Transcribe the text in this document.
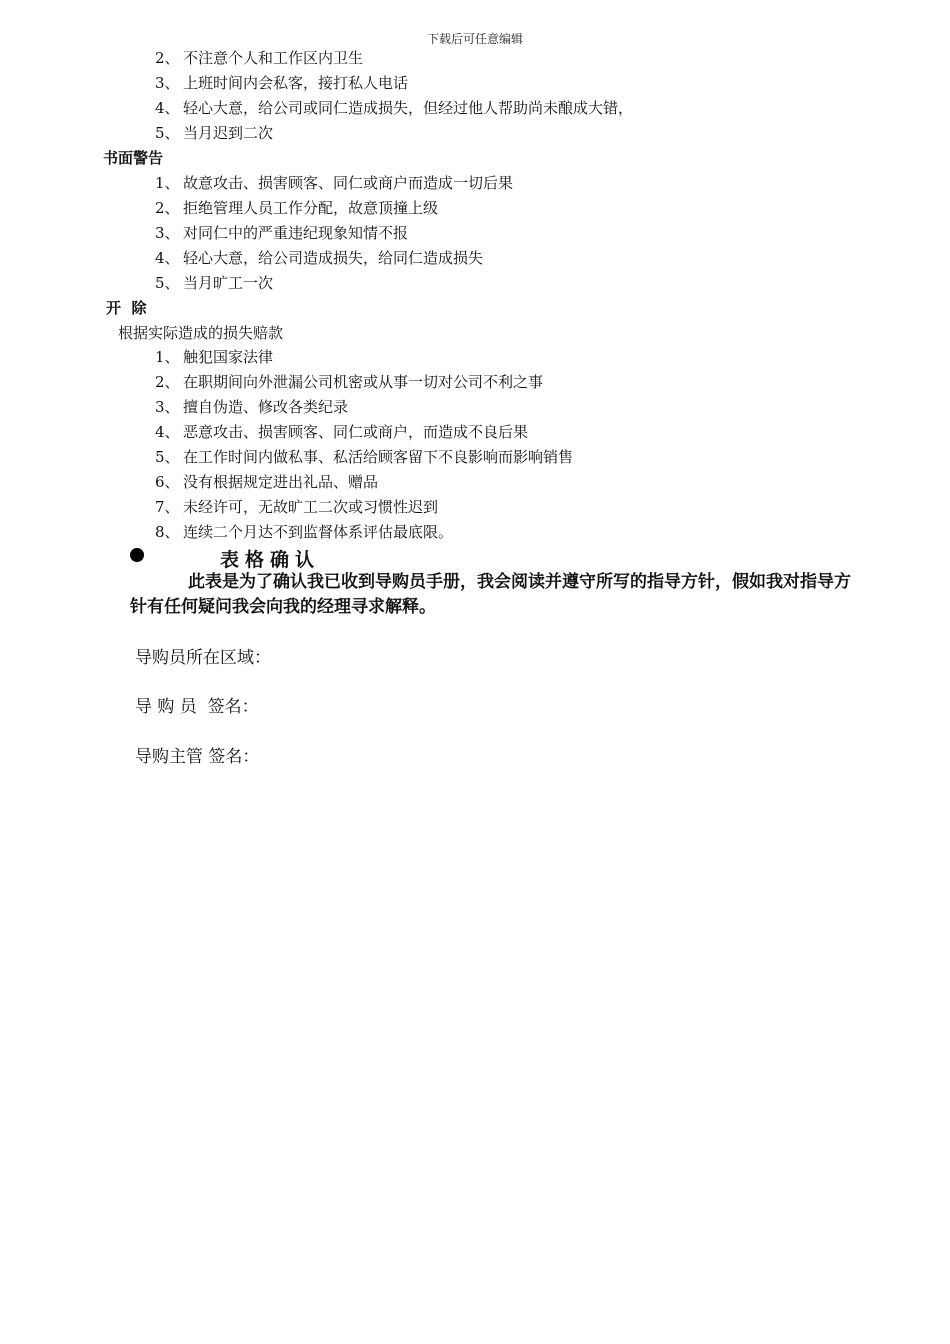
下载后可任意编辑
2、 不注意个人和工作区内卫生
3、 上班时间内会私客，接打私人电话
4、 轻心大意，给公司或同仁造成损失，但经过他人帮助尚未酿成大错，
5、 当月迟到二次
书面警告
1、 故意攻击、损害顾客、同仁或商户而造成一切后果
2、 拒绝管理人员工作分配，故意顶撞上级
3、 对同仁中的严重违纪现象知情不报
4、 轻心大意，给公司造成损失，给同仁造成损失
5、 当月旷工一次
开  除
根据实际造成的损失赔款
1、 触犯国家法律
2、 在职期间向外泄漏公司机密或从事一切对公司不利之事
3、 擅自伪造、修改各类纪录
4、 恶意攻击、损害顾客、同仁或商户，而造成不良后果
5、 在工作时间内做私事、私活给顾客留下不良影响而影响销售
6、 没有根据规定进出礼品、赠品
7、 未经许可，无故旷工二次或习惯性迟到
8、 连续二个月达不到监督体系评估最底限。
表格确认
此表是为了确认我已收到导购员手册，我会阅读并遵守所写的指导方针，假如我对指导方针有任何疑问我会向我的经理寻求解释。
导购员所在区域：
导 购 员  签名：
导购主管 签名：
